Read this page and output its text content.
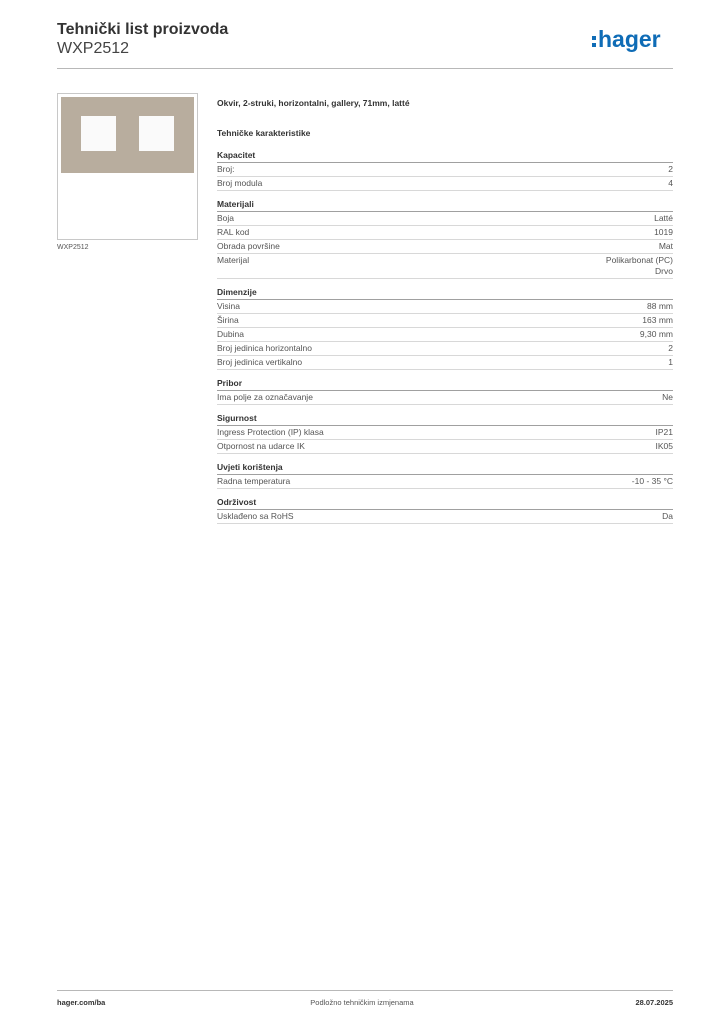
Tehnički list proizvoda
WXP2512	hager
WXP2512
Okvir, 2-struki, horizontalni, gallery, 71mm, latté
Tehničke karakteristike
Kapacitet
Broj:	2
Broj modula	4
Materijali
Boja	Latté
RAL kod	1019
Obrada površine	Mat
Materijal	Polikarbonat (PC)
Drvo
Dimenzije
Visina	88 mm
Širina	163 mm
Dubina	9,30 mm
Broj jedinica horizontalno	2
Broj jedinica vertikalno	1
Pribor
Ima polje za označavanje	Ne
Sigurnost
Ingress Protection (IP) klasa	IP21
Otpornost na udarce IK	IK05
Uvjeti korištenja
Radna temperatura	-10 - 35 °C
Održivost
Usklađeno sa RoHS	Da
hager.com/ba	Podložno tehničkim izmjenama	28.07.2025
